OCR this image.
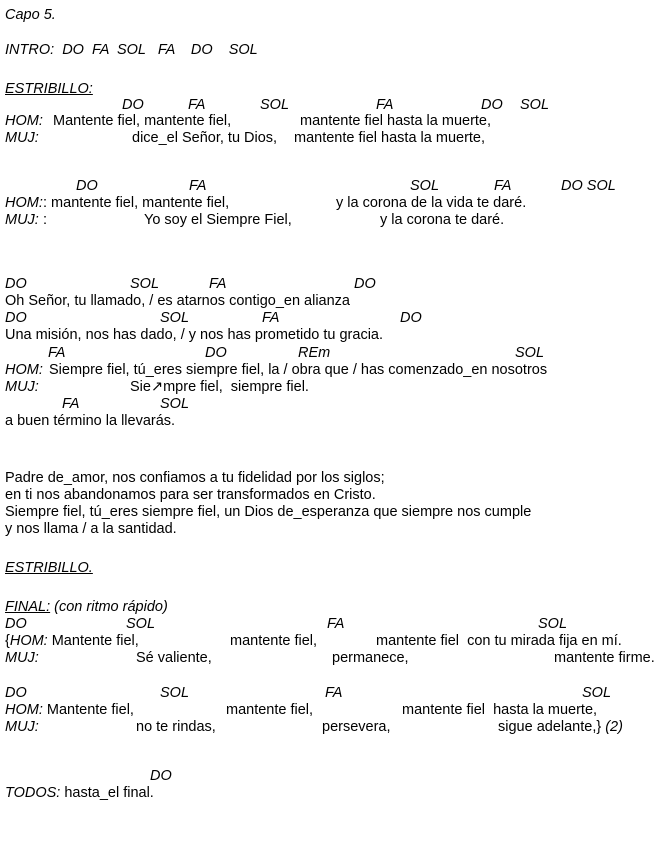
Capo 5.
INTRO: DO  FA  SOL   FA    DO    SOL
ESTRIBILLO:
DO	FA	SOL	FA	DO SOL
HOM: Mantente fiel, mantente fiel,	mantente fiel hasta la muerte,
MUJ:	dice_el Señor, tu Dios, mantente fiel hasta la muerte,
DO	FA	SOL	FA	DO SOL
HOM: : mantente fiel, mantente fiel,	y la corona de la vida te daré.
MUJ: :	Yo soy el Siempre Fiel,	y la corona te daré.
DO	SOL	FA	DO
Oh Señor, tu llamado, / es atarnos contigo_en alianza
DO	SOL	FA	DO
Una misión, nos has dado, / y nos has prometido tu gracia.
FA	DO	REm	SOL
HOM: Siempre fiel, tú_eres siempre fiel, la / obra que / has comenzado_en nosotros
MUJ:	Sie↗mpre fiel,  siempre fiel.
FA	SOL
a buen término la llevarás.
Padre de_amor, nos confiamos a tu fidelidad por los siglos;
en ti nos abandonamos para ser transformados en Cristo.
Siempre fiel, tú_eres siempre fiel, un Dios de_esperanza que siempre nos cumple
y nos llama / a la santidad.
ESTRIBILLO.
FINAL: (con ritmo rápido)
DO	SOL	FA	SOL
{HOM: Mantente fiel,	mantente fiel,	mantente fiel  con tu mirada fija en mí.
MUJ:	Sé valiente,	permanece,	mantente firme.
DO	SOL	FA	SOL
HOM: Mantente fiel,	mantente fiel,	mantente fiel  hasta la muerte,
MUJ:	no te rindas,	persevera,	sigue adelante,} (2)
DO
TODOS: hasta_el final.
